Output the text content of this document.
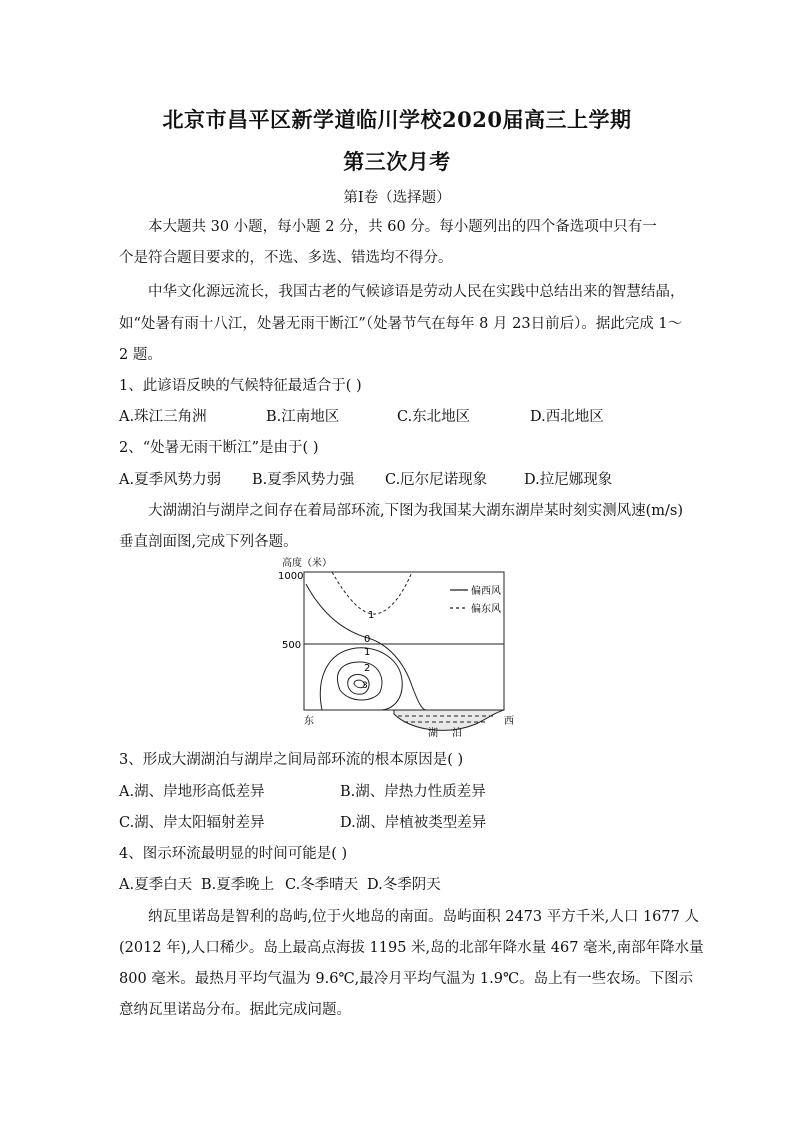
北京市昌平区新学道临川学校2020届高三上学期
第三次月考
第Ⅰ卷（选择题）
本大题共 30 小题，每小题 2 分，共 60 分。每小题列出的四个备选项中只有一
个是符合题目要求的，不选、多选、错选均不得分。
中华文化源远流长，我国古老的气候谚语是劳动人民在实践中总结出来的智慧结晶，
如“处暑有雨十八江，处暑无雨干断江”（处暑节气在每年 8 月 23日前后）。据此完成 1～
2 题。
1、此谚语反映的气候特征最适合于( )
A.珠江三角洲	B.江南地区	C.东北地区	D.西北地区
2、“处暑无雨干断江”是由于( )
A.夏季风势力弱 B.夏季风势力强 C.厄尔尼诺现象	D.拉尼娜现象
大湖湖泊与湖岸之间存在着局部环流,下图为我国某大湖东湖岸某时刻实测风速(m/s)
垂直剖面图,完成下列各题。
高度（米）
1000
500
偏西风
偏东风
1
0
1
2
3
湖 泊
东	西
3、形成大湖湖泊与湖岸之间局部环流的根本原因是( )
A.湖、岸地形高低差异	B.湖、岸热力性质差异
C.湖、岸太阳辐射差异	D.湖、岸植被类型差异
4、图示环流最明显的时间可能是( )
A.夏季白天 B.夏季晚上 C.冬季晴天 D.冬季阴天
纳瓦里诺岛是智利的岛屿,位于火地岛的南面。岛屿面积 2473 平方千米,人口 1677 人
(2012 年),人口稀少。岛上最高点海拔 1195 米,岛的北部年降水量 467 毫米,南部年降水量
800 毫米。最热月平均气温为 9.6℃,最冷月平均气温为 1.9℃。岛上有一些农场。下图示
意纳瓦里诺岛分布。据此完成问题。
